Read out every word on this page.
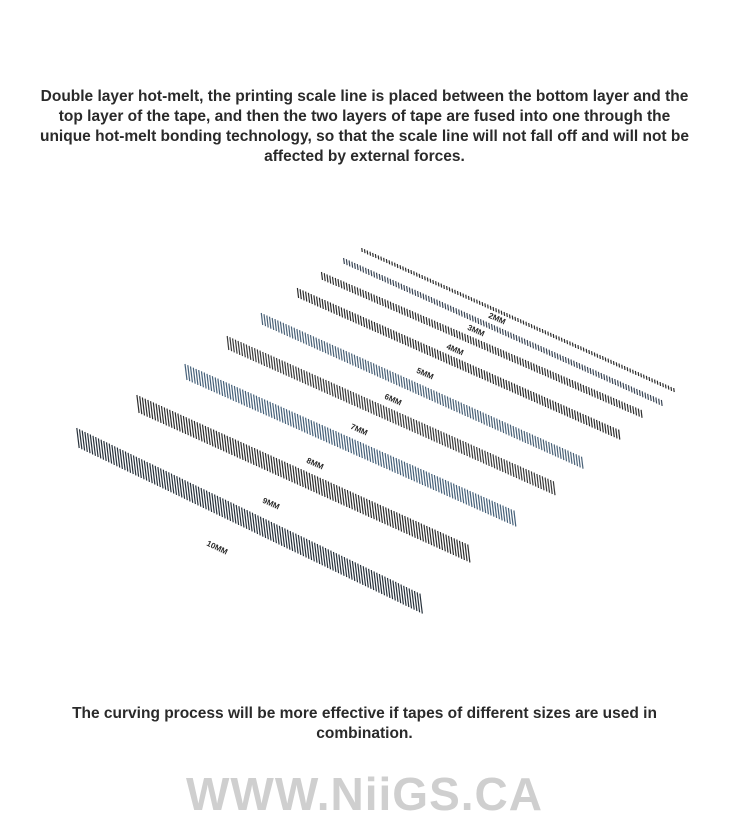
Double layer hot-melt, the printing scale line is placed between the bottom layer and the top layer of the tape, and then the two layers of tape are fused into one through the unique hot-melt bonding technology, so that the scale line will not fall off and will not be affected by external forces.
2MM
3MM
4MM
5MM
6MM
7MM
8MM
9MM
10MM
The curving process will be more effective if tapes of different sizes are used in combination.
WWW.NiiGS.CA
